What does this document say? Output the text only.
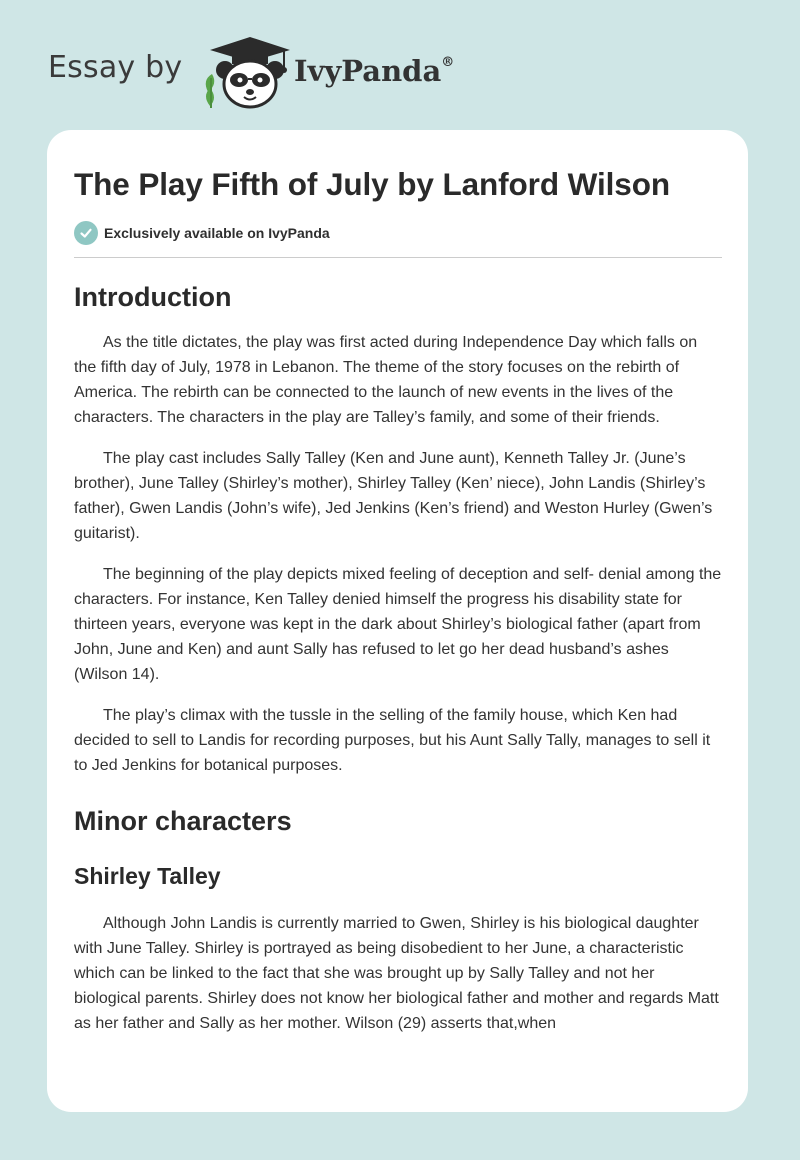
Essay by	IvyPanda®
The Play Fifth of July by Lanford Wilson
Exclusively available on IvyPanda
Introduction

As the title dictates, the play was first acted during Independence Day which falls on the fifth day of July, 1978 in Lebanon. The theme of the story focuses on the rebirth of America. The rebirth can be connected to the launch of new events in the lives of the characters. The characters in the play are Talley’s family, and some of their friends.

The play cast includes Sally Talley (Ken and June aunt), Kenneth Talley Jr. (June’s brother), June Talley (Shirley’s mother), Shirley Talley (Ken’ niece), John Landis (Shirley’s father), Gwen Landis (John’s wife), Jed Jenkins (Ken’s friend) and Weston Hurley (Gwen’s guitarist).

The beginning of the play depicts mixed feeling of deception and self- denial among the characters. For instance, Ken Talley denied himself the progress his disability state for thirteen years, everyone was kept in the dark about Shirley’s biological father (apart from John, June and Ken) and aunt Sally has refused to let go her dead husband’s ashes (Wilson 14).

The play’s climax with the tussle in the selling of the family house, which Ken had decided to sell to Landis for recording purposes, but his Aunt Sally Tally, manages to sell it to Jed Jenkins for botanical purposes.

Minor characters
Shirley Talley

Although John Landis is currently married to Gwen, Shirley is his biological daughter with June Talley. Shirley is portrayed as being disobedient to her June, a characteristic which can be linked to the fact that she was brought up by Sally Talley and not her biological parents. Shirley does not know her biological father and mother and regards Matt as her father and Sally as her mother. Wilson (29) asserts that,when
